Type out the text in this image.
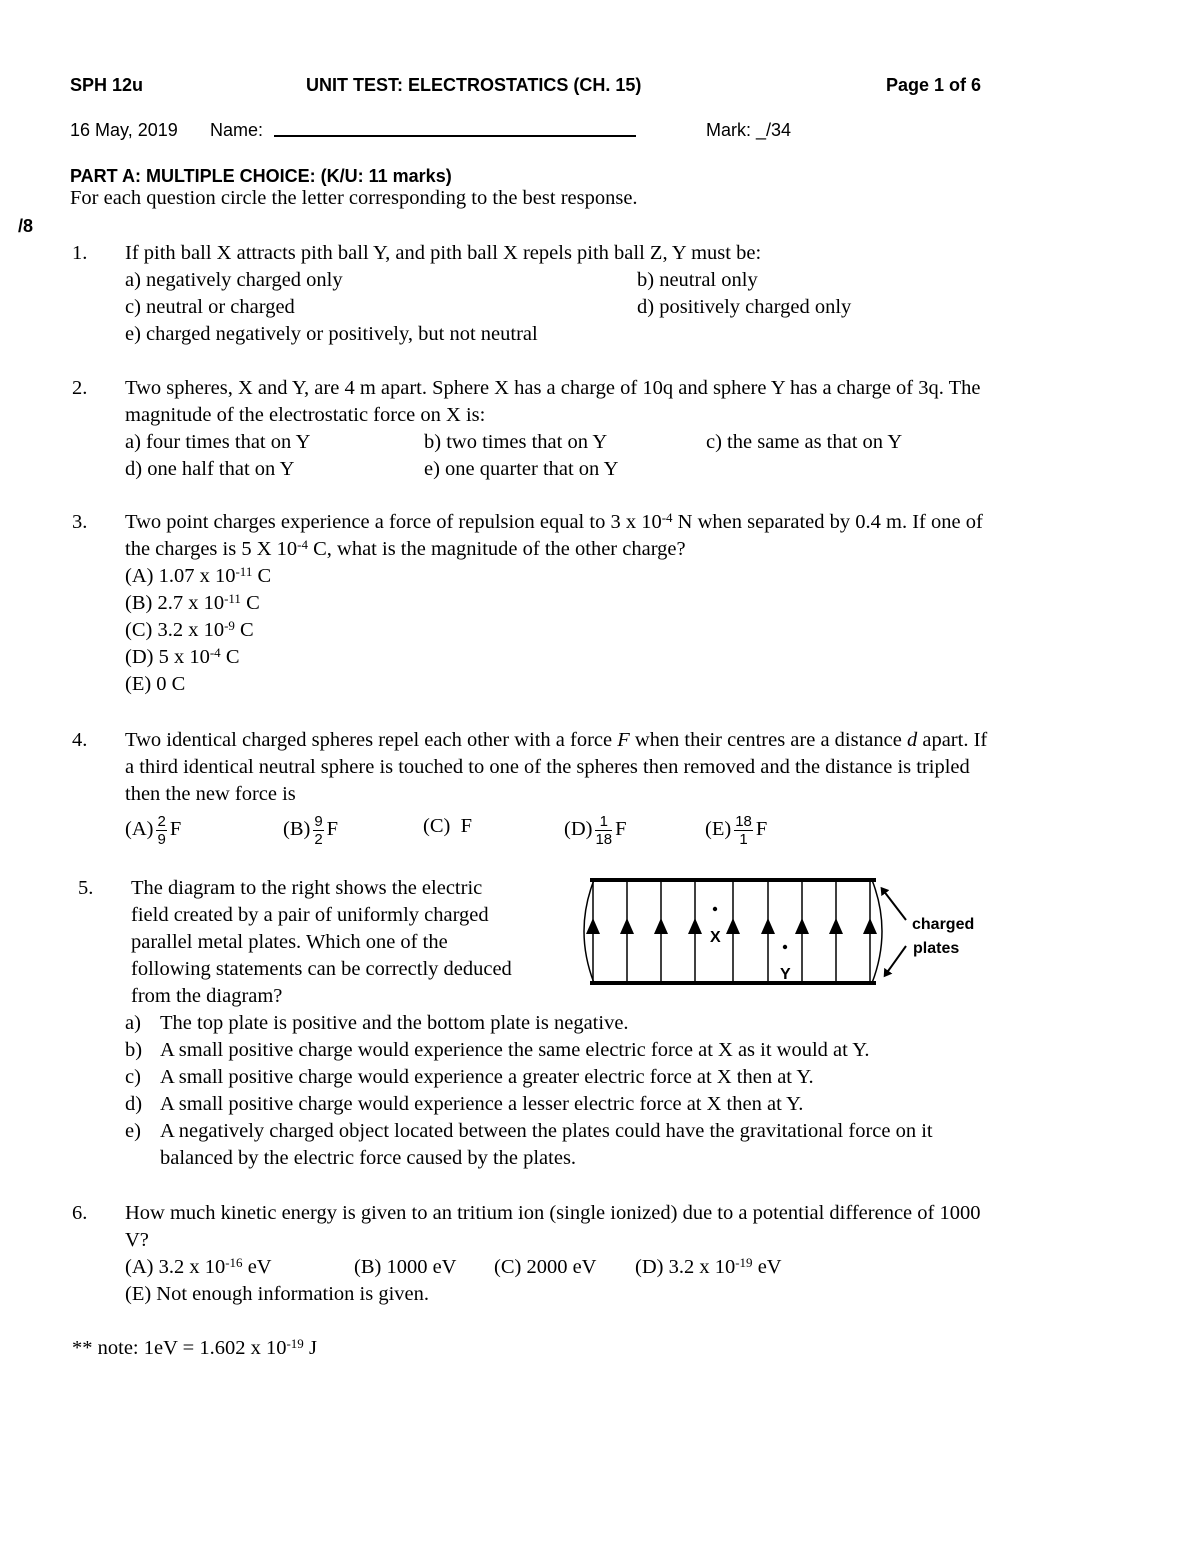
SPH 12u	UNIT TEST: ELECTROSTATICS (CH. 15)	Page 1 of 6
16 May, 2019 Name:	Mark: _/34
PART A: MULTIPLE CHOICE: (K/U: 11 marks)
For each question circle the letter corresponding to the best response.
/8
1. If pith ball X attracts pith ball Y, and pith ball X repels pith ball Z, Y must be:
a) negatively charged only	b) neutral only
c) neutral or charged	d) positively charged only
e) charged negatively or positively, but not neutral
2. Two spheres, X and Y, are 4 m apart. Sphere X has a charge of 10q and sphere Y has a charge of 3q. The
magnitude of the electrostatic force on X is:
a) four times that on Y	b) two times that on Y	c) the same as that on Y
d) one half that on Y	e) one quarter that on Y
3. Two point charges experience a force of repulsion equal to 3 x $10^{-4}$ N when separated by 0.4 m. If one of
the charges is 5 X $10^{-4}$ C, what is the magnitude of the other charge?
(A) 1.07 x $10^{-11}$ C
(B) 2.7 x $10^{-11}$ C
(C) 3.2 x $10^{-9}$ C
(D) 5 x $10^{-4}$ C
(E) 0 C
4. Two identical charged spheres repel each other with a force F when their centres are a distance d apart. If
a third identical neutral sphere is touched to one of the spheres then removed and the distance is tripled
then the new force is
$(A) \frac{2}{9}$ F	$(B) \frac{9}{2}$ F	(C) F	$(D) \frac{1}{18}$ F	$(E) \frac{18}{1}$ F
5. The diagram to the right shows the electric
field created by a pair of uniformly charged
parallel metal plates. Which one of the
following statements can be correctly deduced
from the diagram?
a) The top plate is positive and the bottom plate is negative.
b) A small positive charge would experience the same electric force at X as it would at Y.
c) A small positive charge would experience a greater electric force at X then at Y.
d) A small positive charge would experience a lesser electric force at X then at Y.
e) A negatively charged object located between the plates could have the gravitational force on it
balanced by the electric force caused by the plates.
X
Y
charged
plates
6. How much kinetic energy is given to an tritium ion (single ionized) due to a potential difference of 1000
V?
(A) 3.2 x $10^{-16}$ eV	(B) 1000 eV (C) 2000 eV (D) 3.2 x $10^{-19}$ eV
(E) Not enough information is given.
** note: 1eV = 1.602 x $10^{-19}$ J
